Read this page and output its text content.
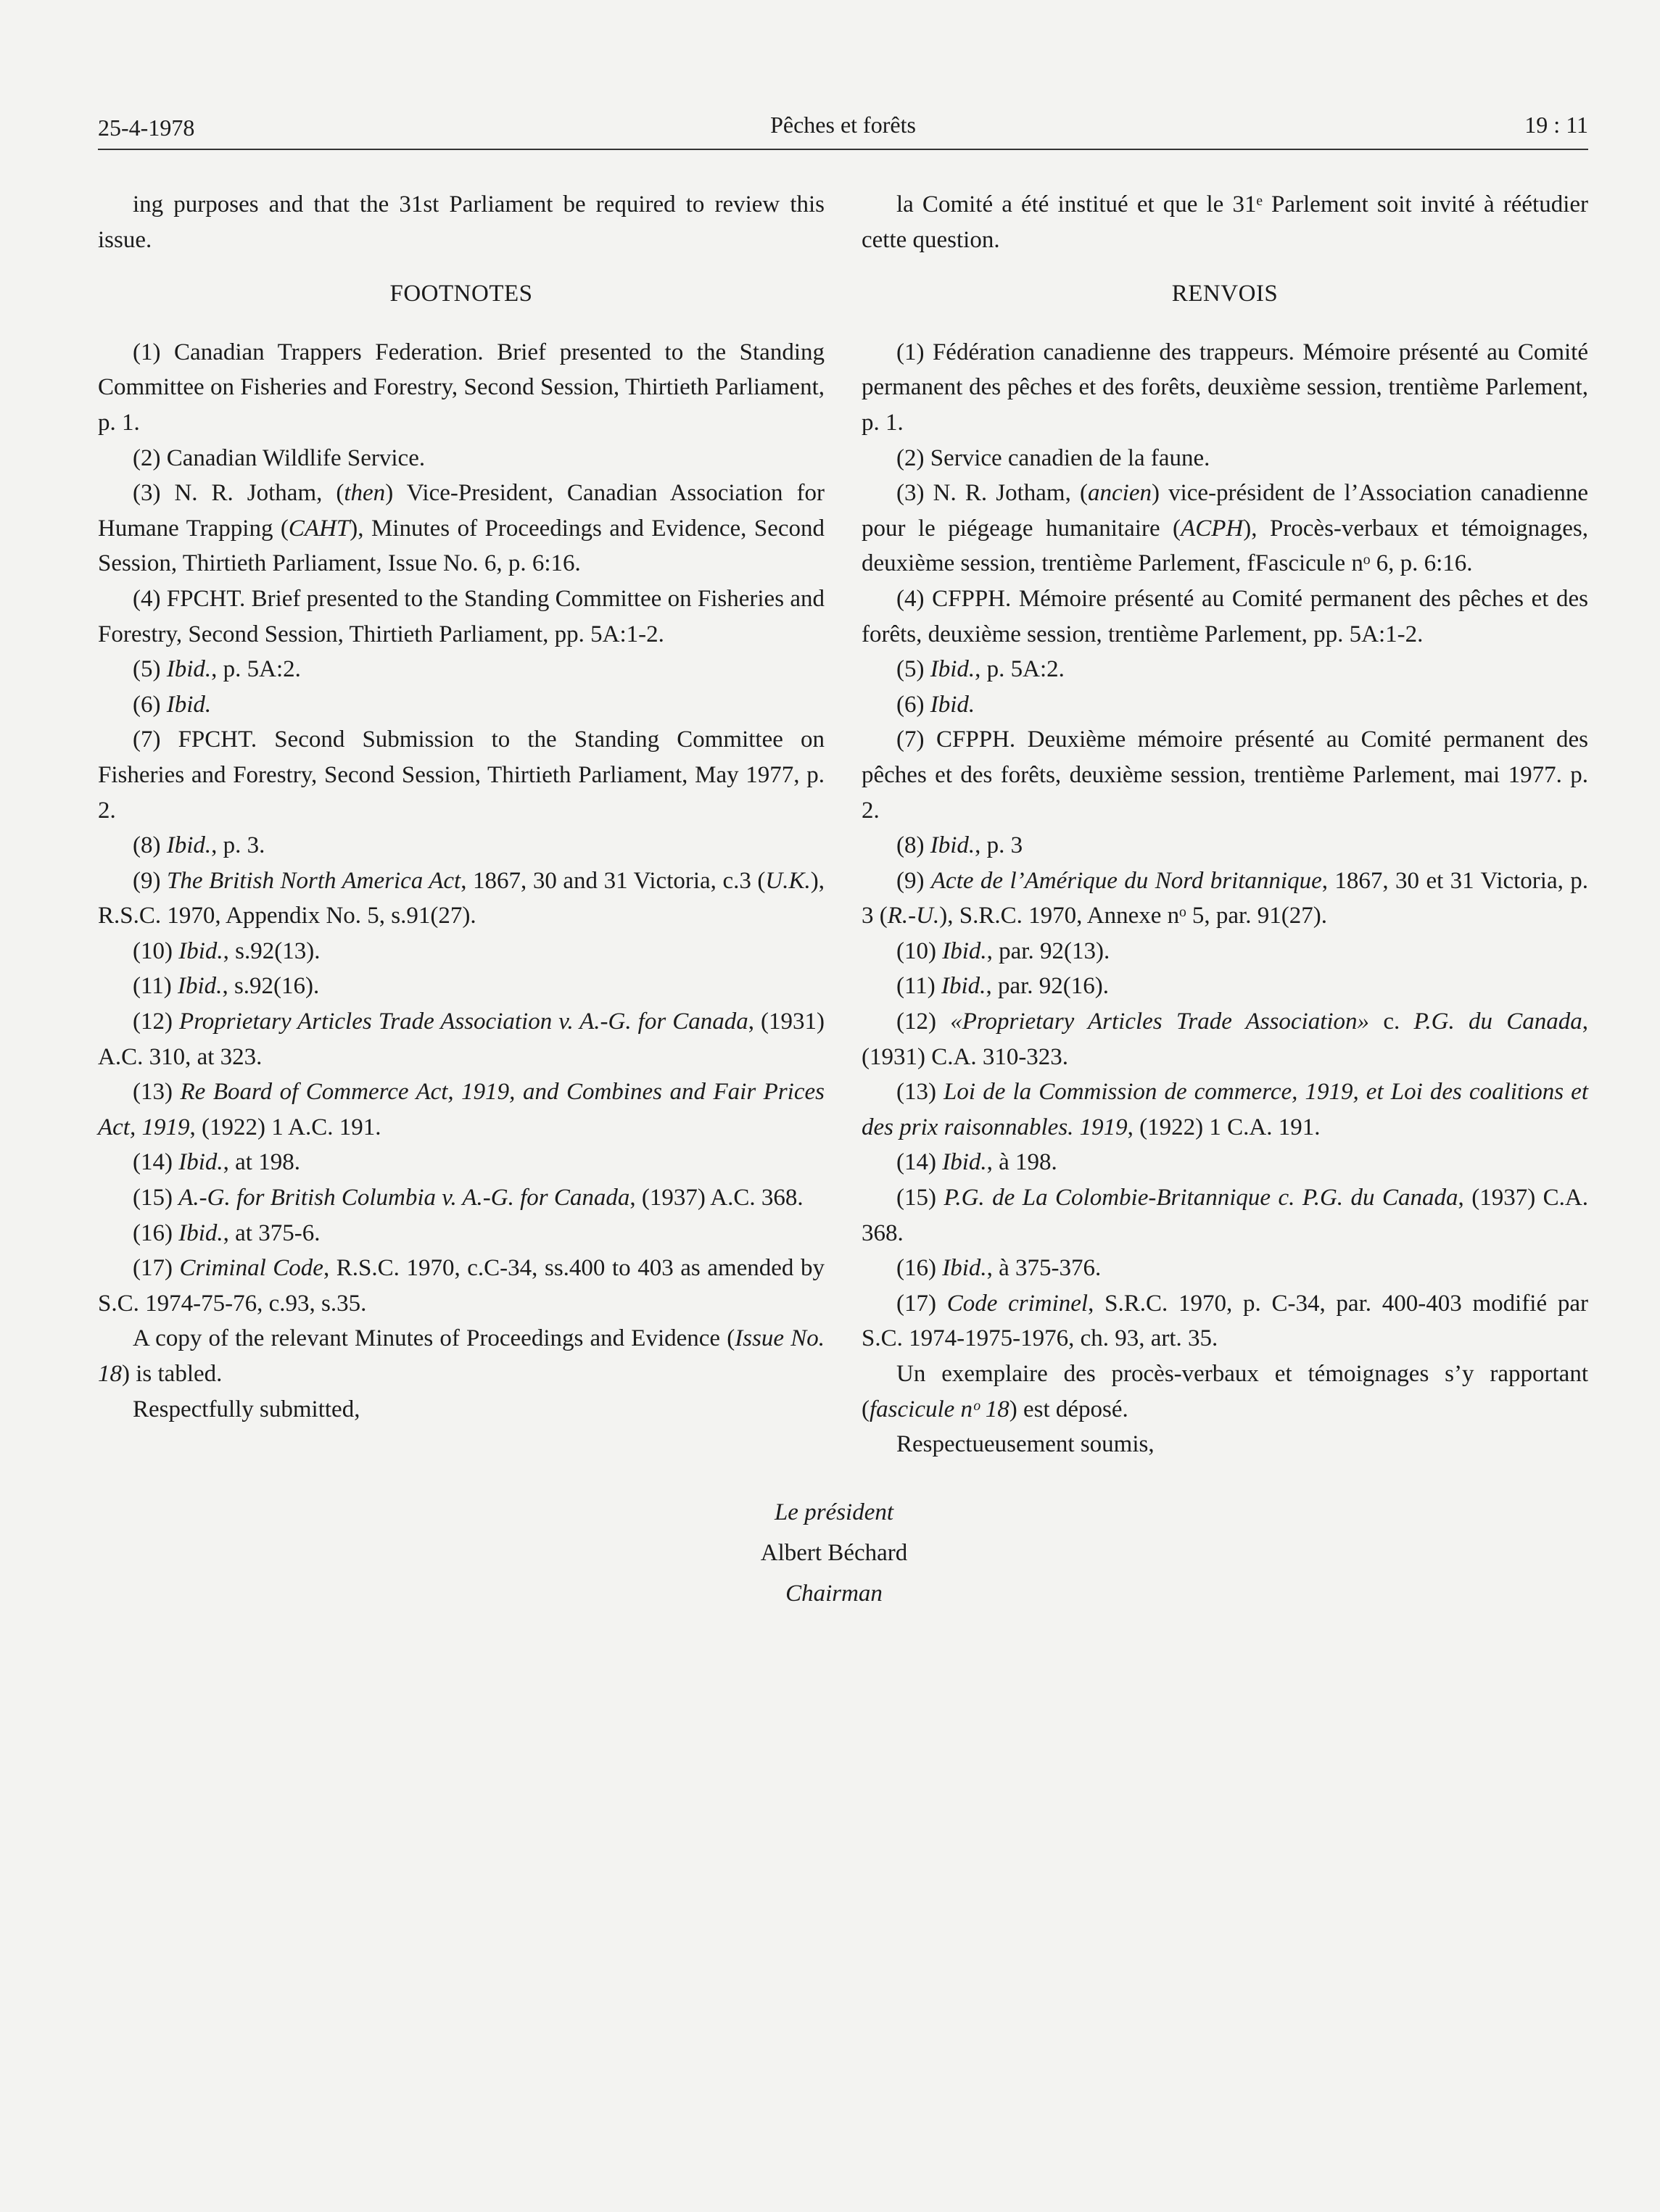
25-4-1978	Pêches et forêts	19 : 11

ing purposes and that the 31st Parliament be required to review this issue.

FOOTNOTES

(1) Canadian Trappers Federation. Brief presented to the Standing Committee on Fisheries and Forestry, Second Session, Thirtieth Parliament, p. 1.

(2) Canadian Wildlife Service.

(3) N. R. Jotham, (then) Vice-President, Canadian Association for Humane Trapping (CAHT), Minutes of Proceedings and Evidence, Second Session, Thirtieth Parliament, Issue No. 6, p. 6:16.

(4) FPCHT. Brief presented to the Standing Committee on Fisheries and Forestry, Second Session, Thirtieth Parliament, pp. 5A:1-2.

(5) Ibid., p. 5A:2.

(6) Ibid.

(7) FPCHT. Second Submission to the Standing Committee on Fisheries and Forestry, Second Session, Thirtieth Parliament, May 1977, p. 2.

(8) Ibid., p. 3.

(9) The British North America Act, 1867, 30 and 31 Victoria, c.3 (U.K.), R.S.C. 1970, Appendix No. 5, s.91(27).

(10) Ibid., s.92(13).

(11) Ibid., s.92(16).

(12) Proprietary Articles Trade Association v. A.-G. for Canada, (1931) A.C. 310, at 323.

(13) Re Board of Commerce Act, 1919, and Combines and Fair Prices Act, 1919, (1922) 1 A.C. 191.

(14) Ibid., at 198.

(15) A.-G. for British Columbia v. A.-G. for Canada, (1937) A.C. 368.

(16) Ibid., at 375-6.

(17) Criminal Code, R.S.C. 1970, c.C-34, ss.400 to 403 as amended by S.C. 1974-75-76, c.93, s.35.

A copy of the relevant Minutes of Proceedings and Evidence (Issue No. 18) is tabled.

Respectfully submitted,

la Comité a été institué et que le 31ᵉ Parlement soit invité à réétudier cette question.

RENVOIS

(1) Fédération canadienne des trappeurs. Mémoire présenté au Comité permanent des pêches et des forêts, deuxième session, trentième Parlement, p. 1.

(2) Service canadien de la faune.

(3) N. R. Jotham, (ancien) vice-président de l’Association canadienne pour le piégeage humanitaire (ACPH), Procès-verbaux et témoignages, deuxième session, trentième Parlement, fFascicule nᵒ 6, p. 6:16.

(4) CFPPH. Mémoire présenté au Comité permanent des pêches et des forêts, deuxième session, trentième Parlement, pp. 5A:1-2.

(5) Ibid., p. 5A:2.

(6) Ibid.

(7) CFPPH. Deuxième mémoire présenté au Comité permanent des pêches et des forêts, deuxième session, trentième Parlement, mai 1977. p. 2.

(8) Ibid., p. 3

(9) Acte de l’Amérique du Nord britannique, 1867, 30 et 31 Victoria, p. 3 (R.-U.), S.R.C. 1970, Annexe nᵒ 5, par. 91(27).

(10) Ibid., par. 92(13).

(11) Ibid., par. 92(16).

(12) «Proprietary Articles Trade Association» c. P.G. du Canada, (1931) C.A. 310-323.

(13) Loi de la Commission de commerce, 1919, et Loi des coalitions et des prix raisonnables. 1919, (1922) 1 C.A. 191.

(14) Ibid., à 198.

(15) P.G. de La Colombie-Britannique c. P.G. du Canada, (1937) C.A. 368.

(16) Ibid., à 375-376.

(17) Code criminel, S.R.C. 1970, p. C-34, par. 400-403 modifié par S.C. 1974-1975-1976, ch. 93, art. 35.

Un exemplaire des procès-verbaux et témoignages s’y rapportant (fascicule nᵒ 18) est déposé.

Respectueusement soumis,

Le président
Albert Béchard
Chairman
